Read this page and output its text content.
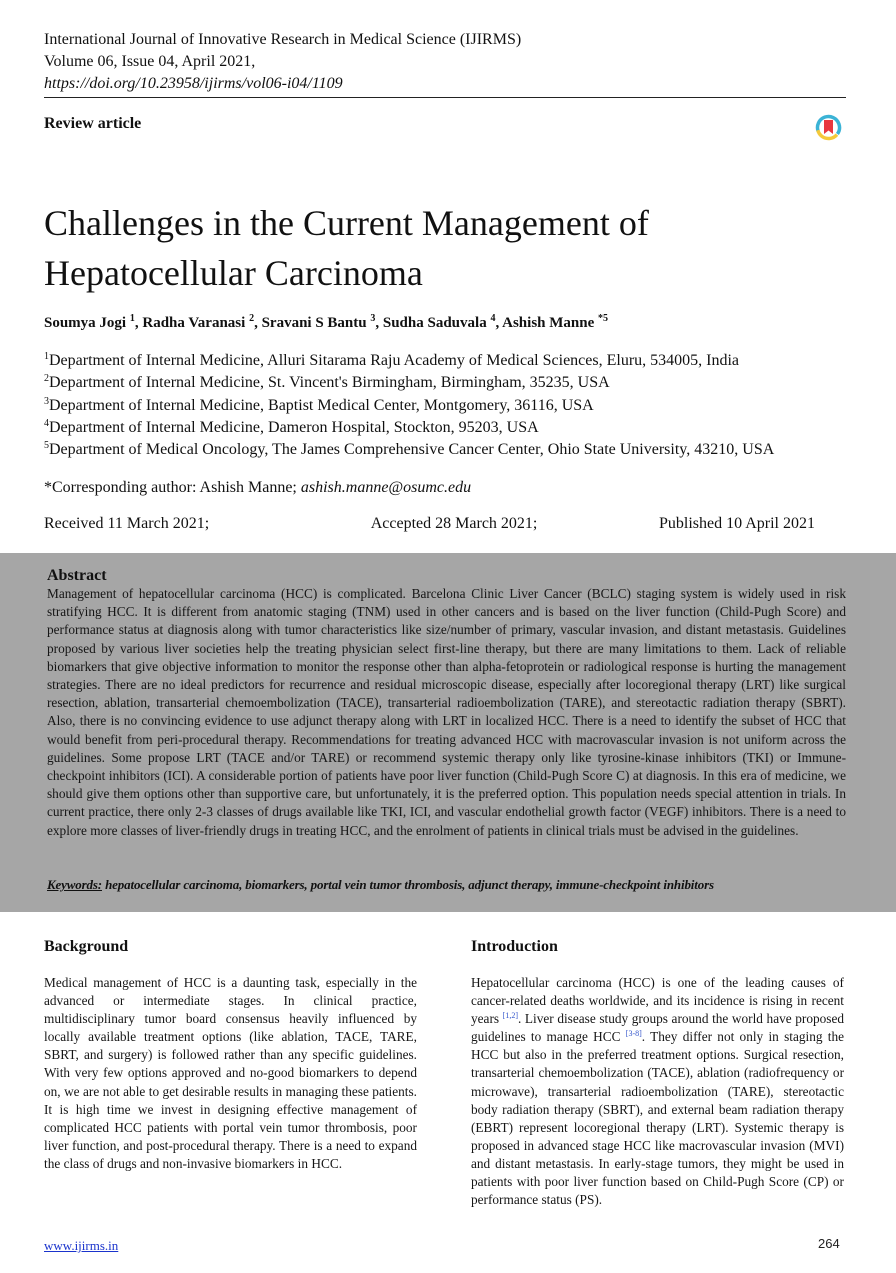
International Journal of Innovative Research in Medical Science (IJIRMS)
Volume 06, Issue 04, April 2021,
https://doi.org/10.23958/ijirms/vol06-i04/1109
Review article
Challenges in the Current Management of Hepatocellular Carcinoma
Soumya Jogi $^1$, Radha Varanasi $^2$, Sravani S Bantu $^3$, Sudha Saduvala $^4$, Ashish Manne $^{*5}$
$^1$Department of Internal Medicine, Alluri Sitarama Raju Academy of Medical Sciences, Eluru, 534005, India
$^2$Department of Internal Medicine, St. Vincent's Birmingham, Birmingham, 35235, USA
$^3$Department of Internal Medicine, Baptist Medical Center, Montgomery, 36116, USA
$^4$Department of Internal Medicine, Dameron Hospital, Stockton, 95203, USA
$^5$Department of Medical Oncology, The James Comprehensive Cancer Center, Ohio State University, 43210, USA
*Corresponding author: Ashish Manne; ashish.manne@osumc.edu
Received 11 March 2021;	Accepted 28 March 2021;	Published 10 April 2021
Abstract

Management of hepatocellular carcinoma (HCC) is complicated. Barcelona Clinic Liver Cancer (BCLC) staging system is widely used in risk stratifying HCC. It is different from anatomic staging (TNM) used in other cancers and is based on the liver function (Child-Pugh Score) and performance status at diagnosis along with tumor characteristics like size/number of primary, vascular invasion, and distant metastasis. Guidelines proposed by various liver societies help the treating physician select first-line therapy, but there are many limitations to them. Lack of reliable biomarkers that give objective information to monitor the response other than alpha-fetoprotein or radiological response is hurting the management strategies. There are no ideal predictors for recurrence and residual microscopic disease, especially after locoregional therapy (LRT) like surgical resection, ablation, transarterial chemoembolization (TACE), transarterial radioembolization (TARE), and stereotactic radiation therapy (SBRT). Also, there is no convincing evidence to use adjunct therapy along with LRT in localized HCC. There is a need to identify the subset of HCC that would benefit from peri-procedural therapy. Recommendations for treating advanced HCC with macrovascular invasion is not uniform across the guidelines. Some propose LRT (TACE and/or TARE) or recommend systemic therapy only like tyrosine-kinase inhibitors (TKI) or Immune-checkpoint inhibitors (ICI). A considerable portion of patients have poor liver function (Child-Pugh Score C) at diagnosis. In this era of medicine, we should give them options other than supportive care, but unfortunately, it is the preferred option. This population needs special attention in trials. In current practice, there only 2-3 classes of drugs available like TKI, ICI, and vascular endothelial growth factor (VEGF) inhibitors. There is a need to explore more classes of liver-friendly drugs in treating HCC, and the enrolment of patients in clinical trials must be advised in the guidelines.

Keywords: hepatocellular carcinoma, biomarkers, portal vein tumor thrombosis, adjunct therapy, immune-checkpoint inhibitors
Background

Medical management of HCC is a daunting task, especially in the advanced or intermediate stages. In clinical practice, multidisciplinary tumor board consensus heavily influenced by locally available treatment options (like ablation, TACE, TARE, SBRT, and surgery) is followed rather than any specific guidelines. With very few options approved and no-good biomarkers to depend on, we are not able to get desirable results in managing these patients. It is high time we invest in designing effective management of complicated HCC patients with portal vein tumor thrombosis, poor liver function, and post-procedural therapy. There is a need to expand the class of drugs and non-invasive biomarkers in HCC.

Introduction

Hepatocellular carcinoma (HCC) is one of the leading causes of cancer-related deaths worldwide, and its incidence is rising in recent years [1,2]. Liver disease study groups around the world have proposed guidelines to manage HCC [3-8]. They differ not only in staging the HCC but also in the preferred treatment options. Surgical resection, transarterial chemoembolization (TACE), ablation (radiofrequency or microwave), transarterial radioembolization (TARE), stereotactic body radiation therapy (SBRT), and external beam radiation therapy (EBRT) represent locoregional therapy (LRT). Systemic therapy is proposed in advanced stage HCC like macrovascular invasion (MVI) and distant metastasis. In early-stage tumors, they might be used in patients with poor liver function based on Child-Pugh Score (CP) or performance status (PS).

www.ijirms.in	264
